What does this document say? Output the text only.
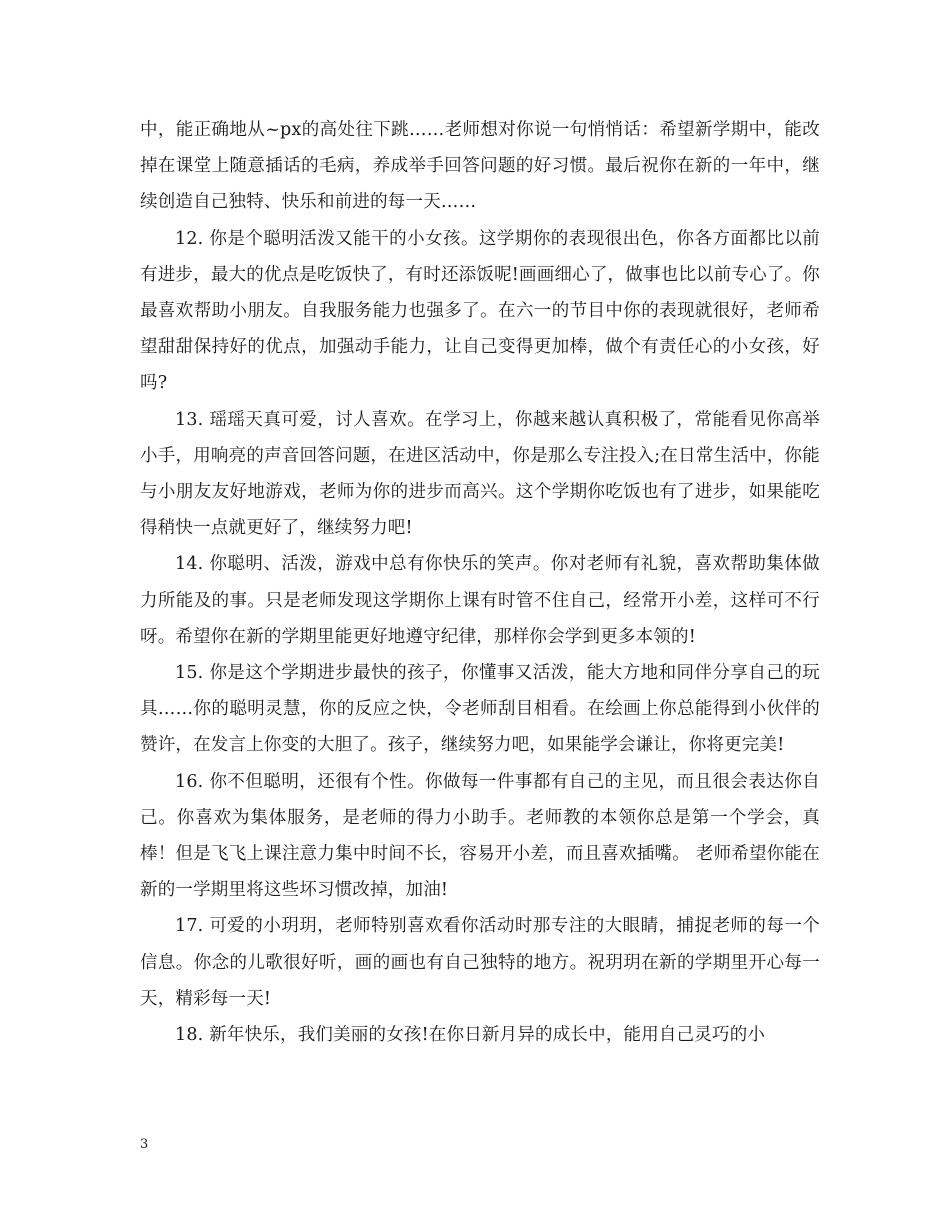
中，能正确地从~px的高处往下跳……老师想对你说一句悄悄话：希望新学期中，能改掉在课堂上随意插话的毛病，养成举手回答问题的好习惯。最后祝你在新的一年中，继续创造自己独特、快乐和前进的每一天……

12. 你是个聪明活泼又能干的小女孩。这学期你的表现很出色，你各方面都比以前有进步，最大的优点是吃饭快了，有时还添饭呢!画画细心了，做事也比以前专心了。你最喜欢帮助小朋友。自我服务能力也强多了。在六一的节目中你的表现就很好，老师希望甜甜保持好的优点，加强动手能力，让自己变得更加棒，做个有责任心的小女孩，好吗?

13. 瑶瑶天真可爱，讨人喜欢。在学习上，你越来越认真积极了，常能看见你高举小手，用响亮的声音回答问题，在进区活动中，你是那么专注投入;在日常生活中，你能与小朋友友好地游戏，老师为你的进步而高兴。这个学期你吃饭也有了进步，如果能吃得稍快一点就更好了，继续努力吧!

14. 你聪明、活泼，游戏中总有你快乐的笑声。你对老师有礼貌，喜欢帮助集体做力所能及的事。只是老师发现这学期你上课有时管不住自己，经常开小差，这样可不行呀。希望你在新的学期里能更好地遵守纪律，那样你会学到更多本领的!

15. 你是这个学期进步最快的孩子，你懂事又活泼，能大方地和同伴分享自己的玩具……你的聪明灵慧，你的反应之快，令老师刮目相看。在绘画上你总能得到小伙伴的赞许，在发言上你变的大胆了。孩子，继续努力吧，如果能学会谦让，你将更完美!

16. 你不但聪明，还很有个性。你做每一件事都有自己的主见，而且很会表达你自己。你喜欢为集体服务，是老师的得力小助手。老师教的本领你总是第一个学会，真棒！但是飞飞上课注意力集中时间不长，容易开小差，而且喜欢插嘴。 老师希望你能在新的一学期里将这些坏习惯改掉，加油!

17. 可爱的小玥玥，老师特别喜欢看你活动时那专注的大眼睛，捕捉老师的每一个信息。你念的儿歌很好听，画的画也有自己独特的地方。祝玥玥在新的学期里开心每一天，精彩每一天!

18. 新年快乐，我们美丽的女孩!在你日新月异的成长中，能用自己灵巧的小

3
